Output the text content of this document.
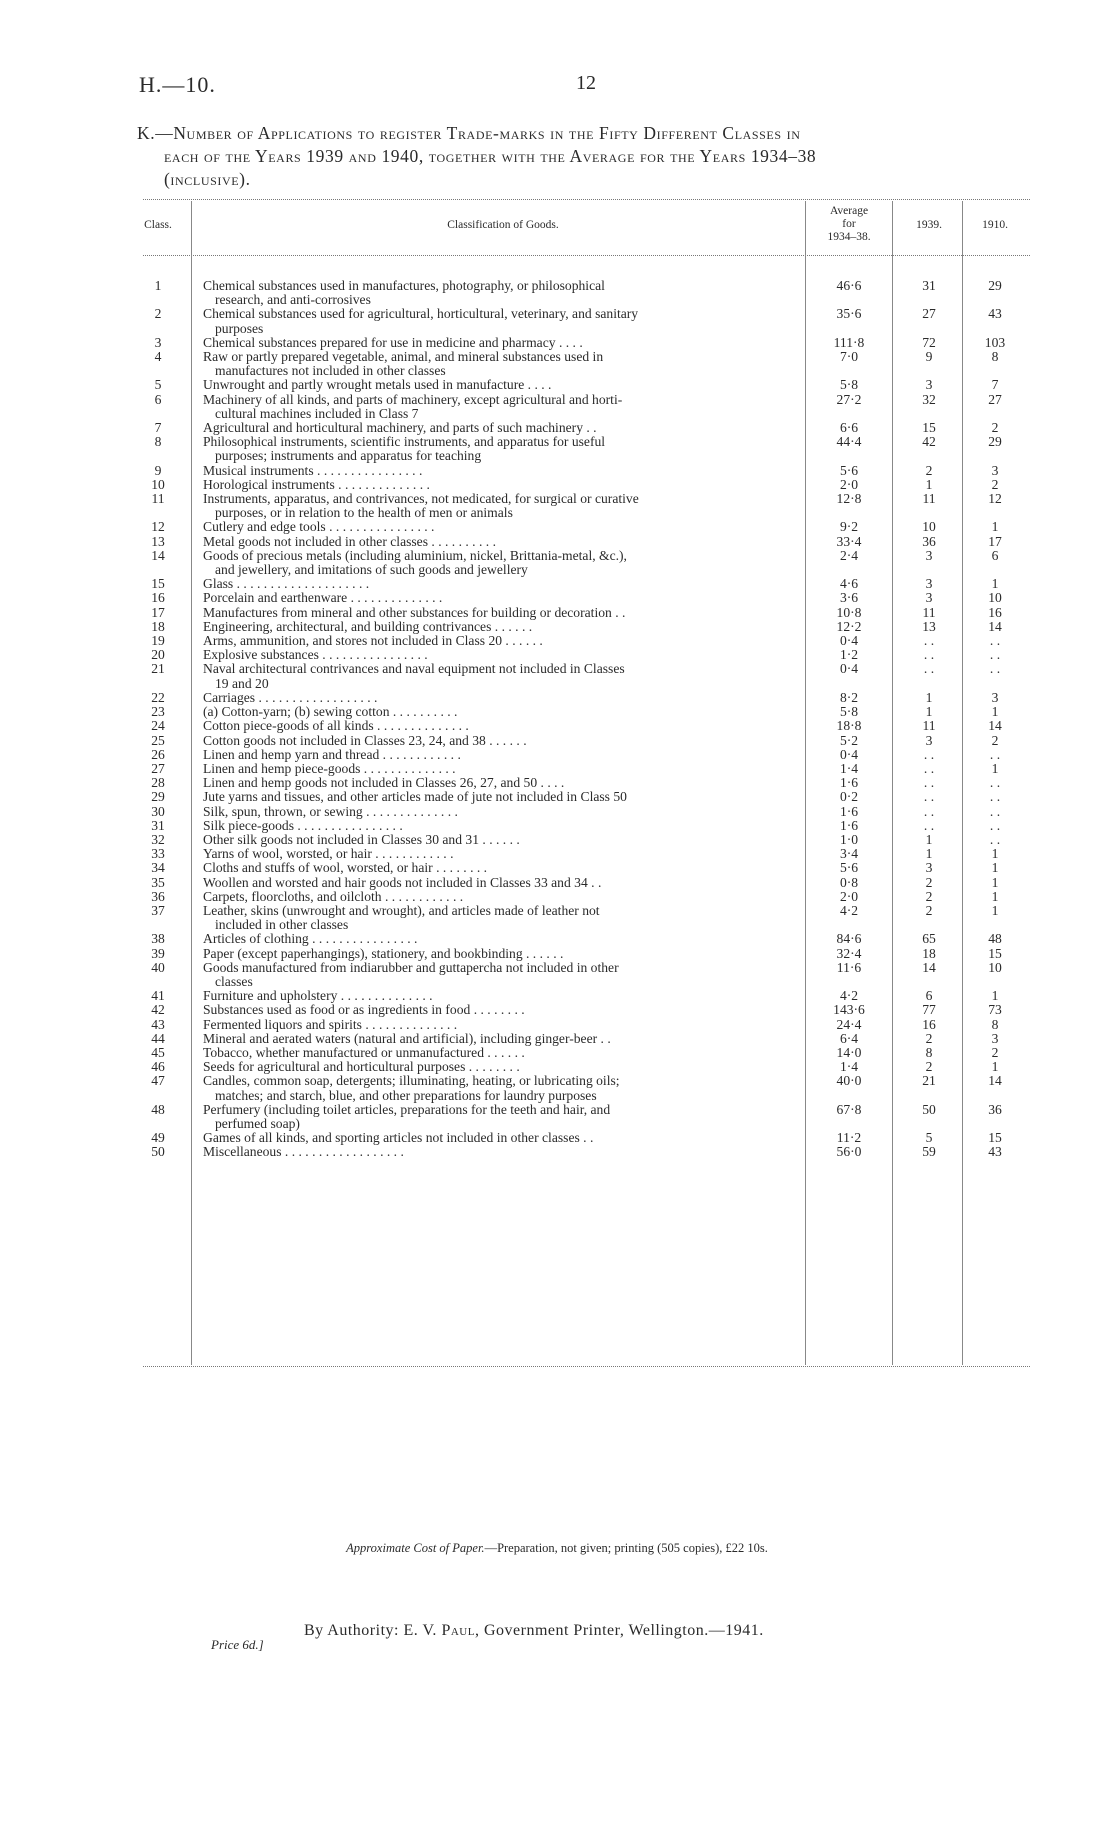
H.—10.	12
K.—Number of Applications to register Trade-marks in the Fifty Different Classes in
each of the Years 1939 and 1940, together with the Average for the Years 1934–38
(inclusive).
Class.	Classification of Goods.
Average
for
1934–38.
1939.	1910.
1	Chemical substances used in manufactures, photography, or philosophical
research, and anti-corrosives
46·6	31	29
2	Chemical substances used for agricultural, horticultural, veterinary, and sanitary
purposes
35·6	27	43
3	Chemical substances prepared for use in medicine and pharmacy . . . .	111·8	72	103
4	Raw or partly prepared vegetable, animal, and mineral substances used in
manufactures not included in other classes
7·0	9	8
5	Unwrought and partly wrought metals used in manufacture . . . .	5·8	3	7
6	Machinery of all kinds, and parts of machinery, except agricultural and horti-
cultural machines included in Class 7
27·2	32	27
7	Agricultural and horticultural machinery, and parts of such machinery . .	6·6	15	2
8	Philosophical instruments, scientific instruments, and apparatus for useful
purposes; instruments and apparatus for teaching
44·4	42	29
9	Musical instruments . . . . . . . . . . . . . . . .	5·6	2	3
10	Horological instruments . . . . . . . . . . . . . .	2·0	1	2
11	Instruments, apparatus, and contrivances, not medicated, for surgical or curative
purposes, or in relation to the health of men or animals
12·8	11	12
12	Cutlery and edge tools . . . . . . . . . . . . . . . .	9·2	10	1
13	Metal goods not included in other classes . . . . . . . . . .	33·4	36	17
14	Goods of precious metals (including aluminium, nickel, Brittania-metal, &c.),
and jewellery, and imitations of such goods and jewellery
2·4	3	6
15	Glass . . . . . . . . . . . . . . . . . . . .	4·6	3	1
16	Porcelain and earthenware . . . . . . . . . . . . . .	3·6	3	10
17	Manufactures from mineral and other substances for building or decoration . .	10·8	11	16
18	Engineering, architectural, and building contrivances . . . . . .	12·2	13	14
19	Arms, ammunition, and stores not included in Class 20 . . . . . .	0·4	. .	. .
20	Explosive substances . . . . . . . . . . . . . . . .	1·2	. .	. .
21	Naval architectural contrivances and naval equipment not included in Classes
19 and 20
0·4	. .	. .
22	Carriages . . . . . . . . . . . . . . . . . .	8·2	1	3
23	(a) Cotton-yarn; (b) sewing cotton . . . . . . . . . .	5·8	1	1
24	Cotton piece-goods of all kinds . . . . . . . . . . . . . .	18·8	11	14
25	Cotton goods not included in Classes 23, 24, and 38 . . . . . .	5·2	3	2
26	Linen and hemp yarn and thread . . . . . . . . . . . .	0·4	. .	. .
27	Linen and hemp piece-goods . . . . . . . . . . . . . .	1·4	. .	1
28	Linen and hemp goods not included in Classes 26, 27, and 50 . . . .	1·6	. .	. .
29	Jute yarns and tissues, and other articles made of jute not included in Class 50	0·2	. .	. .
30	Silk, spun, thrown, or sewing . . . . . . . . . . . . . .	1·6	. .	. .
31	Silk piece-goods . . . . . . . . . . . . . . . .	1·6	. .	. .
32	Other silk goods not included in Classes 30 and 31 . . . . . .	1·0	1	. .
33	Yarns of wool, worsted, or hair . . . . . . . . . . . .	3·4	1	1
34	Cloths and stuffs of wool, worsted, or hair . . . . . . . .	5·6	3	1
35	Woollen and worsted and hair goods not included in Classes 33 and 34 . .	0·8	2	1
36	Carpets, floorcloths, and oilcloth . . . . . . . . . . . .	2·0	2	1
37	Leather, skins (unwrought and wrought), and articles made of leather not
included in other classes
4·2	2	1
38	Articles of clothing . . . . . . . . . . . . . . . .	84·6	65	48
39	Paper (except paperhangings), stationery, and bookbinding . . . . . .	32·4	18	15
40	Goods manufactured from indiarubber and guttapercha not included in other
classes
11·6	14	10
41	Furniture and upholstery . . . . . . . . . . . . . .	4·2	6	1
42	Substances used as food or as ingredients in food . . . . . . . .	143·6	77	73
43	Fermented liquors and spirits . . . . . . . . . . . . . .	24·4	16	8
44	Mineral and aerated waters (natural and artificial), including ginger-beer . .	6·4	2	3
45	Tobacco, whether manufactured or unmanufactured . . . . . .	14·0	8	2
46	Seeds for agricultural and horticultural purposes . . . . . . . .	1·4	2	1
47	Candles, common soap, detergents; illuminating, heating, or lubricating oils;
matches; and starch, blue, and other preparations for laundry purposes
40·0	21	14
48	Perfumery (including toilet articles, preparations for the teeth and hair, and
perfumed soap)
67·8	50	36
49	Games of all kinds, and sporting articles not included in other classes . .	11·2	5	15
50	Miscellaneous . . . . . . . . . . . . . . . . . .	56·0	59	43
Approximate Cost of Paper.—Preparation, not given; printing (505 copies), £22 10s.
By Authority: E. V. Paul, Government Printer, Wellington.—1941.
Price 6d.]
